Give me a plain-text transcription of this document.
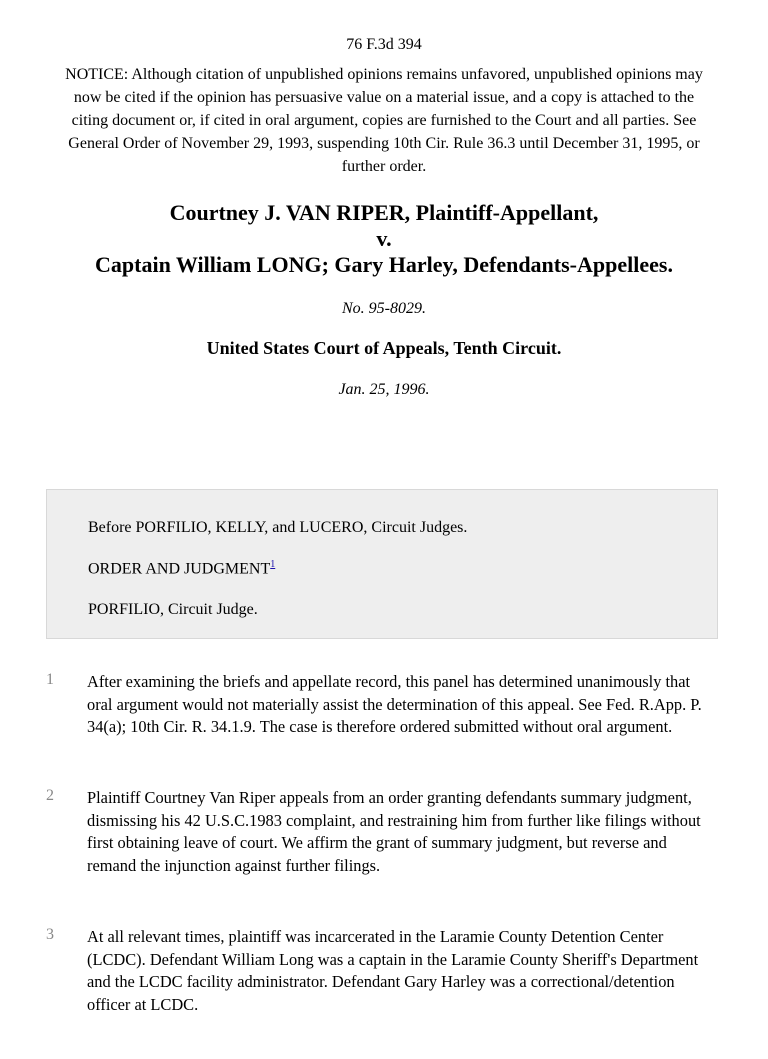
76 F.3d 394
NOTICE: Although citation of unpublished opinions remains unfavored, unpublished opinions may now be cited if the opinion has persuasive value on a material issue, and a copy is attached to the citing document or, if cited in oral argument, copies are furnished to the Court and all parties. See General Order of November 29, 1993, suspending 10th Cir. Rule 36.3 until December 31, 1995, or further order.
Courtney J. VAN RIPER, Plaintiff-Appellant,
v.
Captain William LONG; Gary Harley, Defendants-Appellees.
No. 95-8029.
United States Court of Appeals, Tenth Circuit.
Jan. 25, 1996.

Before PORFILIO, KELLY, and LUCERO, Circuit Judges.

ORDER AND JUDGMENT$^1$

PORFILIO, Circuit Judge.

1 After examining the briefs and appellate record, this panel has determined unanimously that oral argument would not materially assist the determination of this appeal. See Fed. R.App. P. 34(a); 10th Cir. R. 34.1.9. The case is therefore ordered submitted without oral argument.
2 Plaintiff Courtney Van Riper appeals from an order granting defendants summary judgment, dismissing his 42 U.S.C.1983 complaint, and restraining him from further like filings without first obtaining leave of court. We affirm the grant of summary judgment, but reverse and remand the injunction against further filings.
3 At all relevant times, plaintiff was incarcerated in the Laramie County Detention Center (LCDC). Defendant William Long was a captain in the Laramie County Sheriff's Department and the LCDC facility administrator. Defendant Gary Harley was a correctional/detention officer at LCDC.
